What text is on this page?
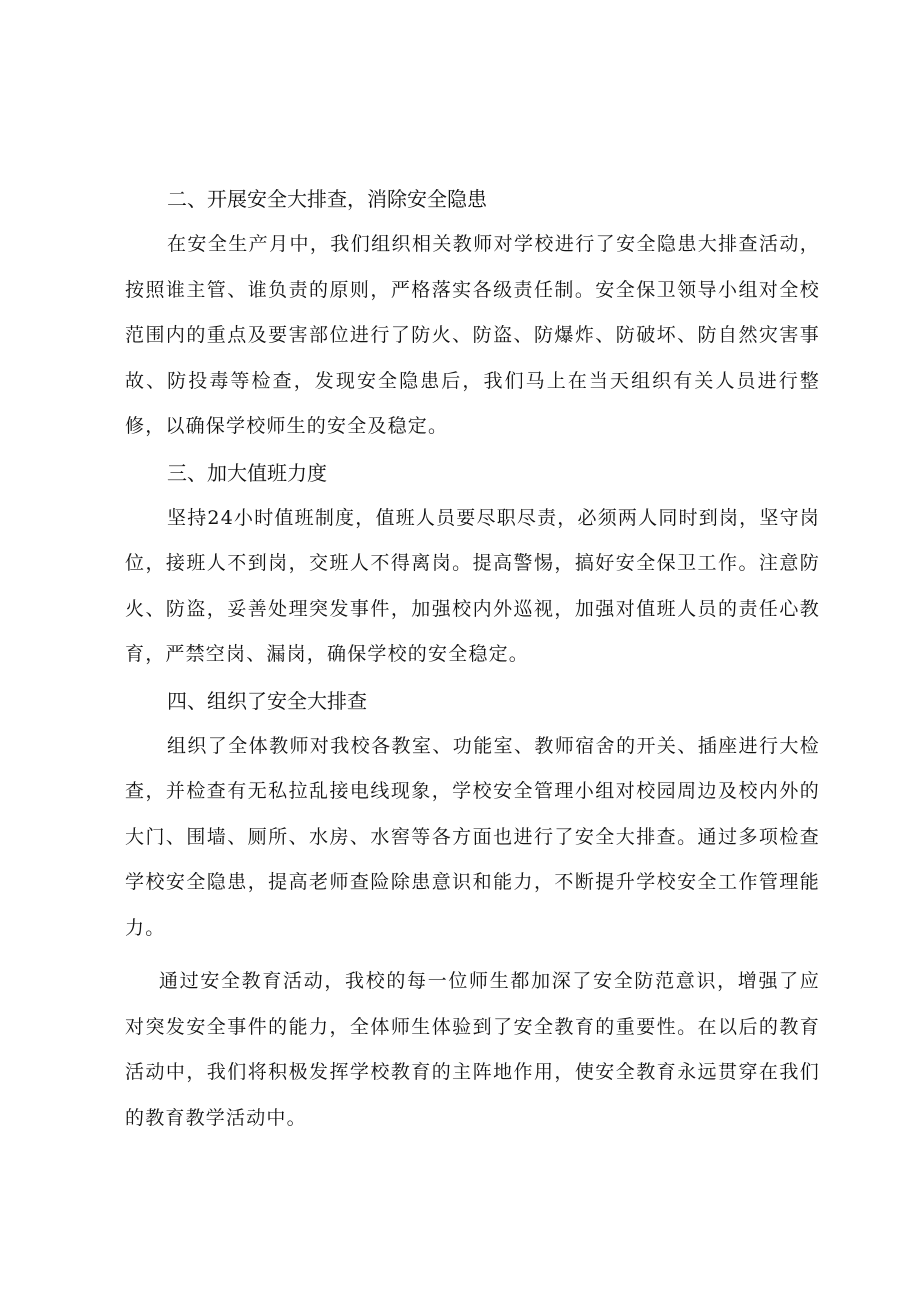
二、开展安全大排查，消除安全隐患

在安全生产月中，我们组织相关教师对学校进行了安全隐患大排查活动，按照谁主管、谁负责的原则，严格落实各级责任制。安全保卫领导小组对全校范围内的重点及要害部位进行了防火、防盗、防爆炸、防破坏、防自然灾害事故、防投毒等检查，发现安全隐患后，我们马上在当天组织有关人员进行整修，以确保学校师生的安全及稳定。

三、加大值班力度

坚持24小时值班制度，值班人员要尽职尽责，必须两人同时到岗，坚守岗位，接班人不到岗，交班人不得离岗。提高警惕，搞好安全保卫工作。注意防火、防盗，妥善处理突发事件，加强校内外巡视，加强对值班人员的责任心教育，严禁空岗、漏岗，确保学校的安全稳定。

四、组织了安全大排查

组织了全体教师对我校各教室、功能室、教师宿舍的开关、插座进行大检查，并检查有无私拉乱接电线现象，学校安全管理小组对校园周边及校内外的大门、围墙、厕所、水房、水窖等各方面也进行了安全大排查。通过多项检查学校安全隐患，提高老师查险除患意识和能力，不断提升学校安全工作管理能力。

通过安全教育活动，我校的每一位师生都加深了安全防范意识，增强了应对突发安全事件的能力，全体师生体验到了安全教育的重要性。在以后的教育活动中，我们将积极发挥学校教育的主阵地作用，使安全教育永远贯穿在我们的教育教学活动中。
